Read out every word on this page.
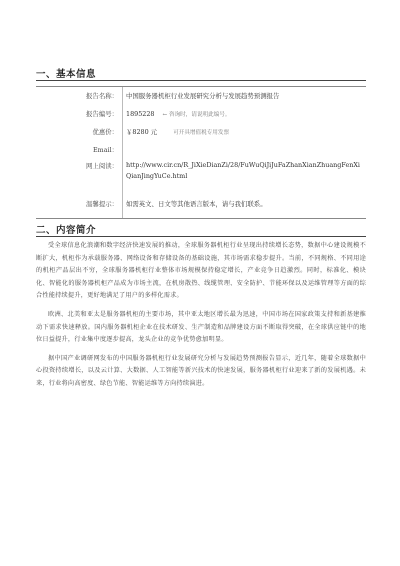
一、基本信息
报告名称： 中国服务器机柜行业发展研究分析与发展趋势预测报告
报告编号： 1895228 ← 咨询时，请说明此编号。
优惠价： ￥8280 元	可开具增值税专用发票
Email：
网上阅读： http://www.cir.cn/R_JiXieDianZi/28/FuWuQiJiJuFaZhanXianZhuangFenXiQianJingYuCe.html
温馨提示： 如需英文、日文等其他语言版本，请与我们联系。
二、内容简介

受全球信息化浪潮和数字经济快速发展的推动，全球服务器机柜行业呈现出持续增长态势，数据中心建设规模不断扩大，机柜作为承载服务器、网络设备和存储设备的基础设施，其市场需求稳步提升。当前，不同规格、不同用途的机柜产品层出不穷，全球服务器机柜行业整体市场规模保持稳定增长，产业竞争日趋激烈。同时，标准化、模块化、智能化的服务器机柜产品成为市场主流，在机房散热、线缆管理、安全防护、节能环保以及运维管理等方面的综合性能持续提升，更好地满足了用户的多样化需求。

欧洲、北美和亚太是服务器机柜的主要市场，其中亚太地区增长最为迅速，中国市场在国家政策支持和新基建推动下需求快速释放。国内服务器机柜企业在技术研发、生产制造和品牌建设方面不断取得突破，在全球供应链中的地位日益提升，行业集中度逐步提高，龙头企业的竞争优势愈加明显。

据中国产业调研网发布的中国服务器机柜行业发展研究分析与发展趋势预测报告显示，近几年，随着全球数据中心投资持续增长，以及云计算、大数据、人工智能等新兴技术的快速发展，服务器机柜行业迎来了新的发展机遇。未来，行业将向高密度、绿色节能、智能运维等方向持续演进。
